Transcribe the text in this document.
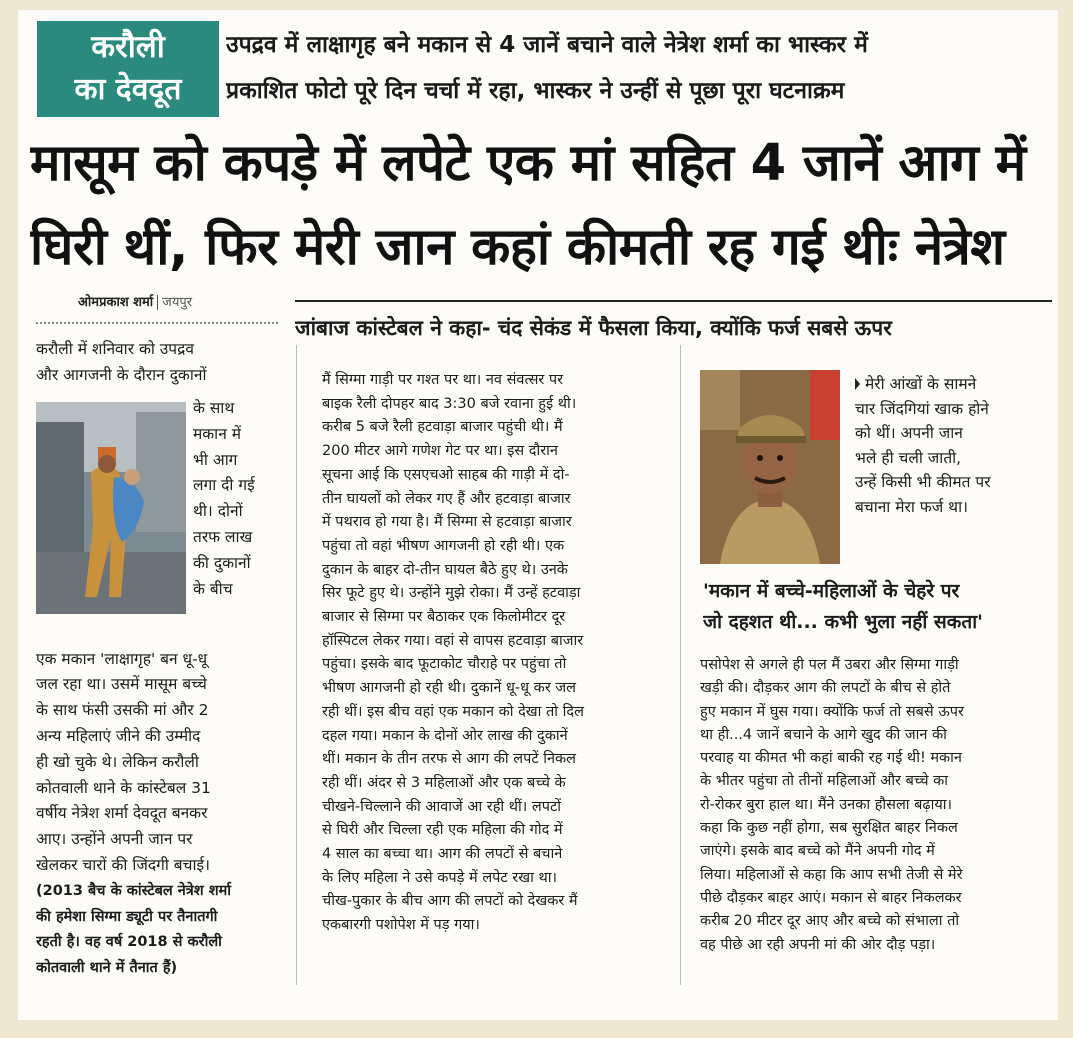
करौली
का देवदूत
उपद्रव में लाक्षागृह बने मकान से 4 जानें बचाने वाले नेत्रेश शर्मा का भास्कर में
प्रकाशित फोटो पूरे दिन चर्चा में रहा, भास्कर ने उन्हीं से पूछा पूरा घटनाक्रम
मासूम को कपड़े में लपेटे एक मां सहित 4 जानें आग में
घिरी थीं, फिर मेरी जान कहां कीमती रह गई थीः नेत्रेश
ओमप्रकाश शर्मा जयपुर
जांबाज कांस्टेबल ने कहा- चंद सेकंड में फैसला किया, क्योंकि फर्ज सबसे ऊपर
करौली में शनिवार को उपद्रव
और आगजनी के दौरान दुकानों
एक मकान 'लाक्षागृह' बन धू-धू
जल रहा था। उसमें मासूम बच्चे
के साथ फंसी उसकी मां और 2
अन्य महिलाएं जीने की उम्मीद
ही खो चुके थे। लेकिन करौली
कोतवाली थाने के कांस्टेबल 31
वर्षीय नेत्रेश शर्मा देवदूत बनकर
आए। उन्होंने अपनी जान पर
खेलकर चारों की जिंदगी बचाई।
(2013 बैच के कांस्टेबल नेत्रेश शर्मा
की हमेशा सिग्मा ड्यूटी पर तैनातगी
रहती है। वह वर्ष 2018 से करौली
कोतवाली थाने में तैनात हैं)
के साथ
मकान में
भी आग
लगा दी गई
थी। दोनों
तरफ लाख
की दुकानों
के बीच
मैं सिग्मा गाड़ी पर गश्त पर था। नव संवत्सर पर
बाइक रैली दोपहर बाद 3:30 बजे रवाना हुई थी।
करीब 5 बजे रैली हटवाड़ा बाजार पहुंची थी। मैं
200 मीटर आगे गणेश गेट पर था। इस दौरान
सूचना आई कि एसएचओ साहब की गाड़ी में दो-
तीन घायलों को लेकर गए हैं और हटवाड़ा बाजार
में पथराव हो गया है। मैं सिग्मा से हटवाड़ा बाजार
पहुंचा तो वहां भीषण आगजनी हो रही थी। एक
दुकान के बाहर दो-तीन घायल बैठे हुए थे। उनके
सिर फूटे हुए थे। उन्होंने मुझे रोका। मैं उन्हें हटवाड़ा
बाजार से सिग्मा पर बैठाकर एक किलोमीटर दूर
हॉस्पिटल लेकर गया। वहां से वापस हटवाड़ा बाजार
पहुंचा। इसके बाद फूटाकोट चौराहे पर पहुंचा तो
भीषण आगजनी हो रही थी। दुकानें धू-धू कर जल
रही थीं। इस बीच वहां एक मकान को देखा तो दिल
दहल गया। मकान के दोनों ओर लाख की दुकानें
थीं। मकान के तीन तरफ से आग की लपटें निकल
रही थीं। अंदर से 3 महिलाओं और एक बच्चे के
चीखने-चिल्लाने की आवाजें आ रही थीं। लपटों
से घिरी और चिल्ला रही एक महिला की गोद में
4 साल का बच्चा था। आग की लपटों से बचाने
के लिए महिला ने उसे कपड़े में लपेट रखा था।
चीख-पुकार के बीच आग की लपटों को देखकर मैं
एकबारगी पशोपेश में पड़ गया।
मेरी आंखों के सामने
चार जिंदगियां खाक होने
को थीं। अपनी जान
भले ही चली जाती,
उन्हें किसी भी कीमत पर
बचाना मेरा फर्ज था।
'मकान में बच्चे-महिलाओं के चेहरे पर
जो दहशत थी... कभी भुला नहीं सकता'
पसोपेश से अगले ही पल मैं उबरा और सिग्मा गाड़ी
खड़ी की। दौड़कर आग की लपटों के बीच से होते
हुए मकान में घुस गया। क्योंकि फर्ज तो सबसे ऊपर
था ही...4 जानें बचाने के आगे खुद की जान की
परवाह या कीमत भी कहां बाकी रह गई थी! मकान
के भीतर पहुंचा तो तीनों महिलाओं और बच्चे का
रो-रोकर बुरा हाल था। मैंने उनका हौसला बढ़ाया।
कहा कि कुछ नहीं होगा, सब सुरक्षित बाहर निकल
जाएंगे। इसके बाद बच्चे को मैंने अपनी गोद में
लिया। महिलाओं से कहा कि आप सभी तेजी से मेरे
पीछे दौड़कर बाहर आएं। मकान से बाहर निकलकर
करीब 20 मीटर दूर आए और बच्चे को संभाला तो
वह पीछे आ रही अपनी मां की ओर दौड़ पड़ा।
